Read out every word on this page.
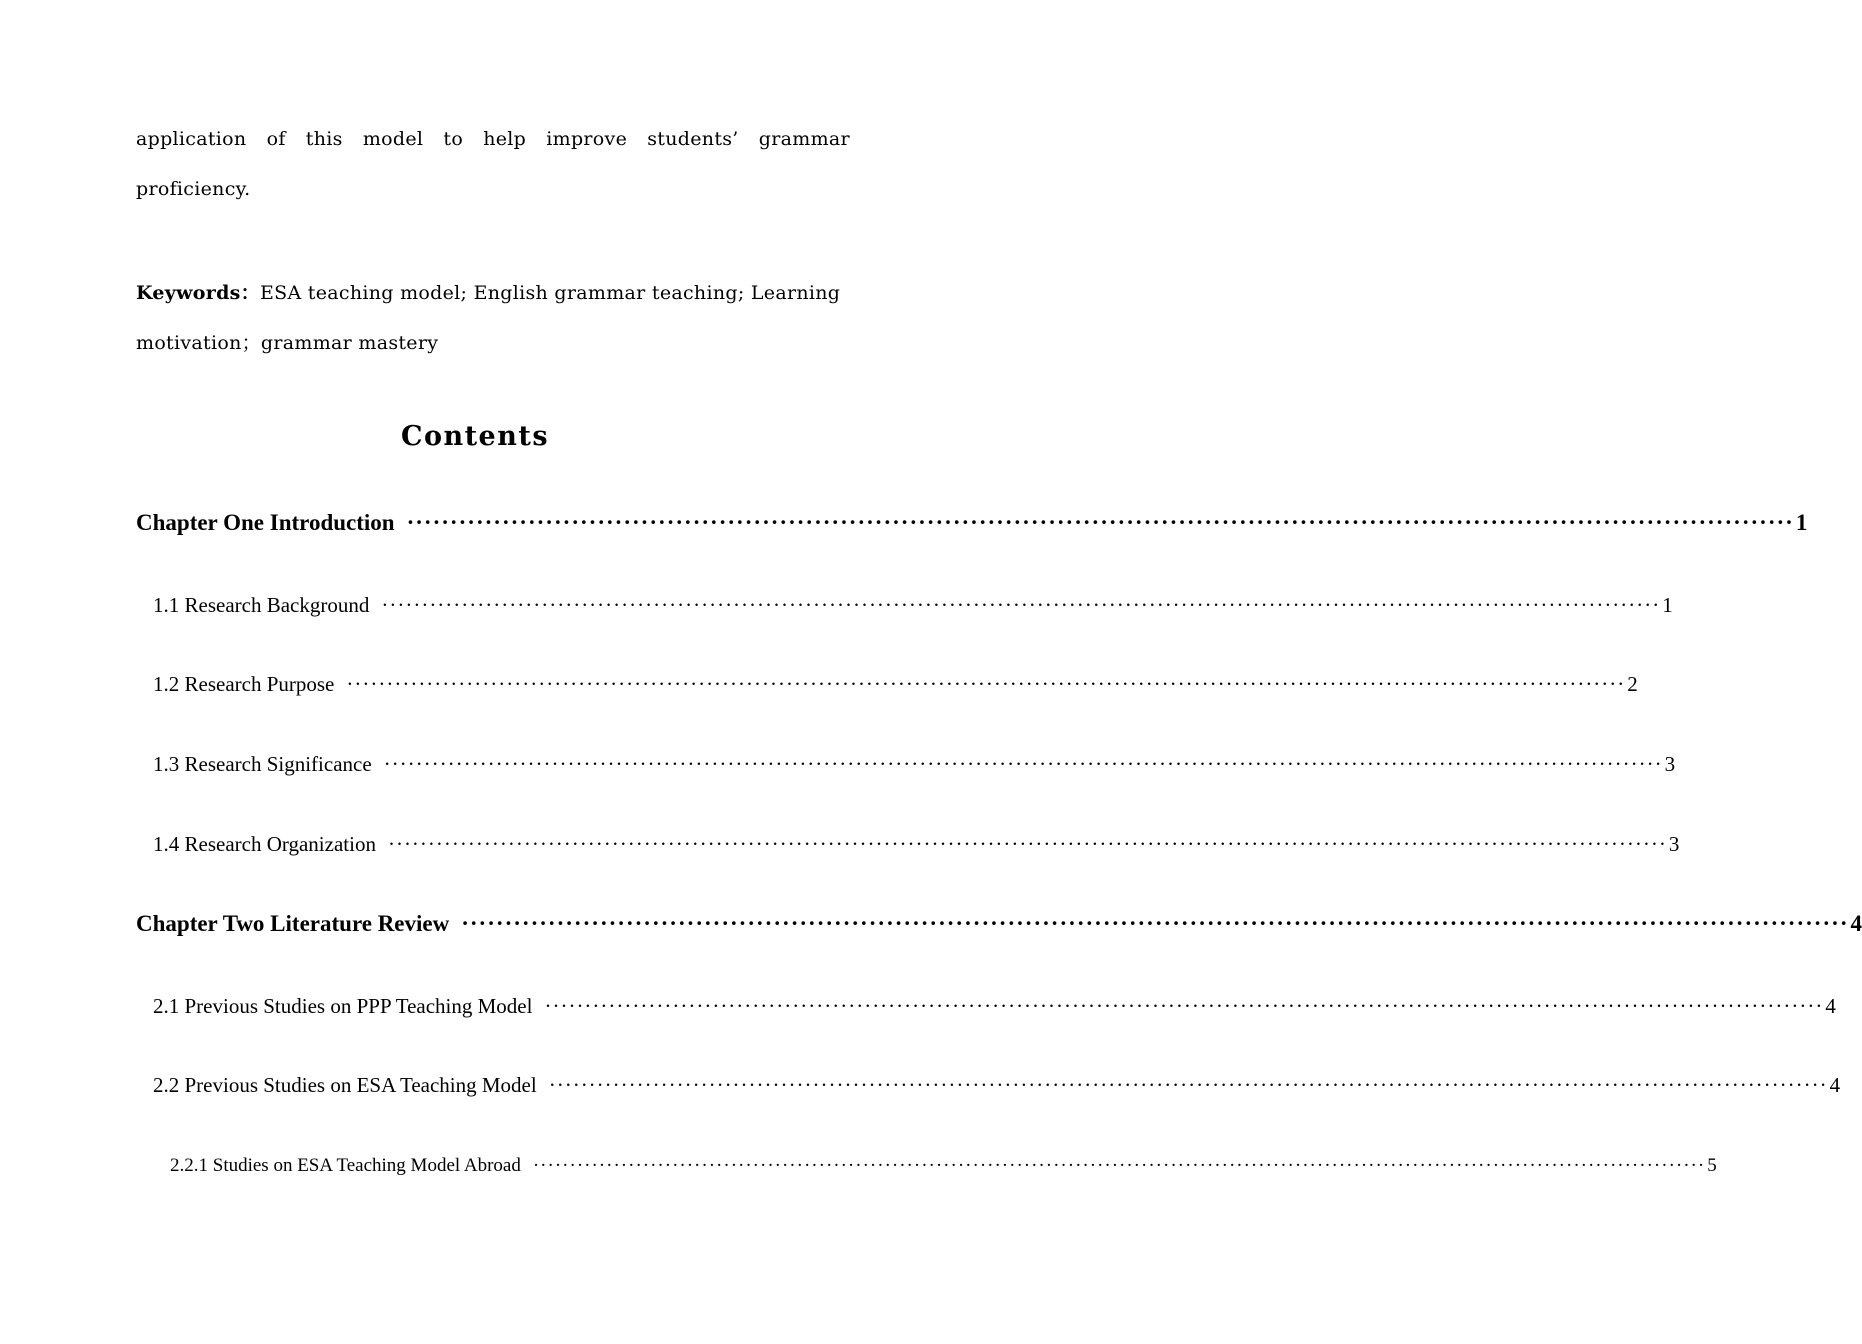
application of this model to help improve students’ grammar
proficiency.
Keywords：ESA teaching model; English grammar teaching; Learning
motivation；grammar mastery
Contents
Chapter One Introduction ································································································································································ 1
1.1 Research Background ································································································································································ 1
1.2 Research Purpose ································································································································································ 2
1.3 Research Significance ································································································································································ 3
1.4 Research Organization ································································································································································ 3
Chapter Two Literature Review ································································································································································ 4
2.1 Previous Studies on PPP Teaching Model ································································································································································ 4
2.2 Previous Studies on ESA Teaching Model ································································································································································ 4
2.2.1 Studies on ESA Teaching Model Abroad ································································································································································ 5
